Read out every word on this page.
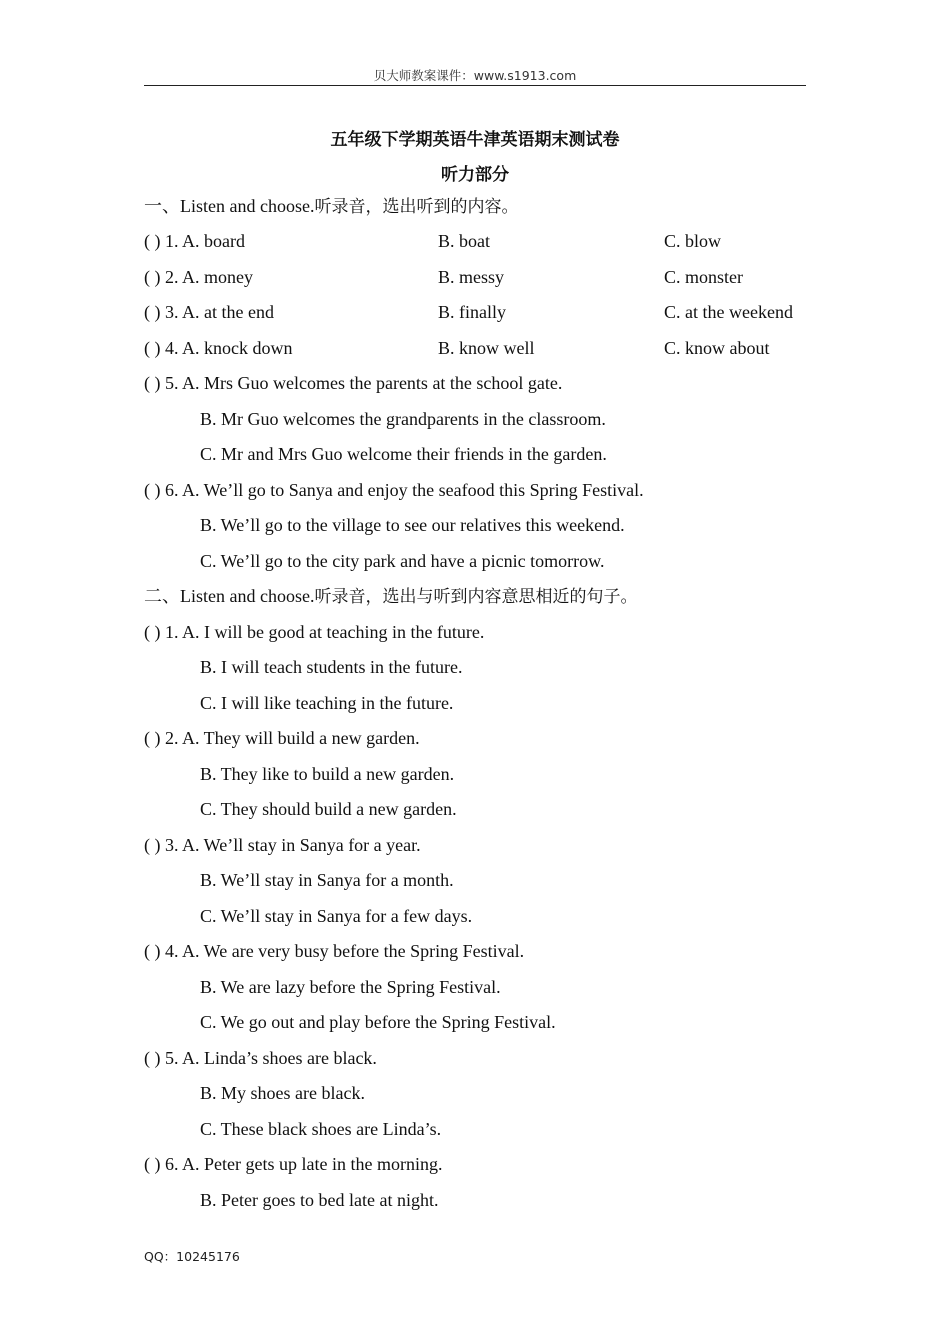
贝大师教案课件：www.s1913.com
五年级下学期英语牛津英语期末测试卷
听力部分
一、Listen and choose.听录音，选出听到的内容。
( ) 1. A. board	B. boat	C. blow
( ) 2. A. money	B. messy	C. monster
( ) 3. A. at the end	B. finally	C. at the weekend
( ) 4. A. knock down	B. know well	C. know about
( ) 5. A. Mrs Guo welcomes the parents at the school gate.
B. Mr Guo welcomes the grandparents in the classroom.
C. Mr and Mrs Guo welcome their friends in the garden.
( ) 6. A. We’ll go to Sanya and enjoy the seafood this Spring Festival.
B. We’ll go to the village to see our relatives this weekend.
C. We’ll go to the city park and have a picnic tomorrow.
二、Listen and choose.听录音，选出与听到内容意思相近的句子。
( ) 1. A. I will be good at teaching in the future.
B. I will teach students in the future.
C. I will like teaching in the future.
( ) 2. A. They will build a new garden.
B. They like to build a new garden.
C. They should build a new garden.
( ) 3. A. We’ll stay in Sanya for a year.
B. We’ll stay in Sanya for a month.
C. We’ll stay in Sanya for a few days.
( ) 4. A. We are very busy before the Spring Festival.
B. We are lazy before the Spring Festival.
C. We go out and play before the Spring Festival.
( ) 5. A. Linda’s shoes are black.
B. My shoes are black.
C. These black shoes are Linda’s.
( ) 6. A. Peter gets up late in the morning.
B. Peter goes to bed late at night.
QQ：10245176
